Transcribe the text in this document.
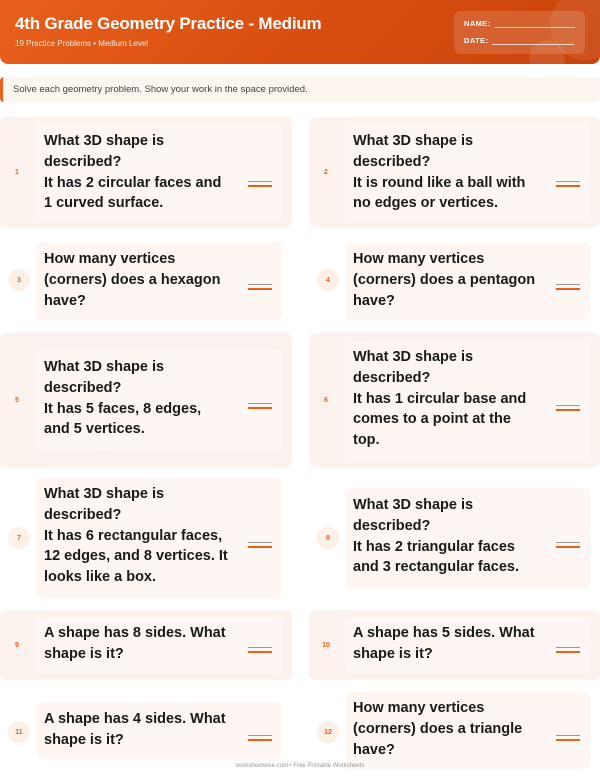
4th Grade Geometry Practice - Medium
19 Practice Problems • Medium Level
NAME:
DATE:
Solve each geometry problem. Show your work in the space provided.
1
What 3D shape is
described?
It has 2 circular faces and
1 curved surface.
2
What 3D shape is
described?
It is round like a ball with
no edges or vertices.
3
How many vertices
(corners) does a hexagon
have?
4
How many vertices
(corners) does a pentagon
have?
5
What 3D shape is
described?
It has 5 faces, 8 edges,
and 5 vertices.
6
What 3D shape is
described?
It has 1 circular base and
comes to a point at the
top.
7
What 3D shape is
described?
It has 6 rectangular faces,
12 edges, and 8 vertices. It
looks like a box.
8
What 3D shape is
described?
It has 2 triangular faces
and 3 rectangular faces.
9
A shape has 8 sides. What
shape is it?
10
A shape has 5 sides. What
shape is it?
11
A shape has 4 sides. What
shape is it?	12
How many vertices
(corners) does a triangle
have?
worksheetwise.com • Free Printable Worksheets
